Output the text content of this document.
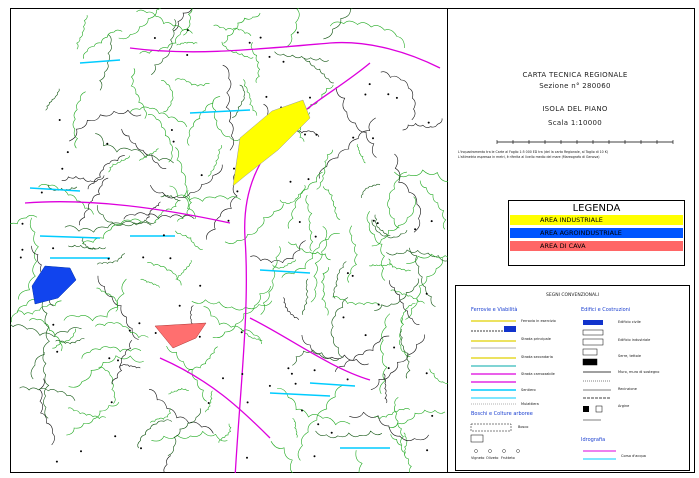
CARTA TECNICA REGIONALE
Sezione n° 280060
ISOLA DEL PIANO
Scala 1:10000
L'inquadramento tra le Carte al Foglio 1:5 000 ED tra (del la carta Regionale, al Taglio di 10 K)
L'altimetria espressa in metri, è riferita al livello medio del mare (Mareografo di Genova)
LEGENDA
AREA INDUSTRIALE
AREA AGROINDUSTRIALE
AREA DI CAVA
SEGNI CONVENZIONALI
Ferrovie e Viabilità	Edifici e Costruzioni
Boschi e Colture arboree
Idrografia
Ferrovia in esercizio
Strada principale
Strada secondaria
Strada carrozzabile
Sentiero
Mulattiera
Edificio civile
Edificio industriale
Serre, tettoie
Muro, muro di sostegno
Recinzione
Argine
Bosco
Vigneto Oliveto Frutteto	Corso d'acqua
